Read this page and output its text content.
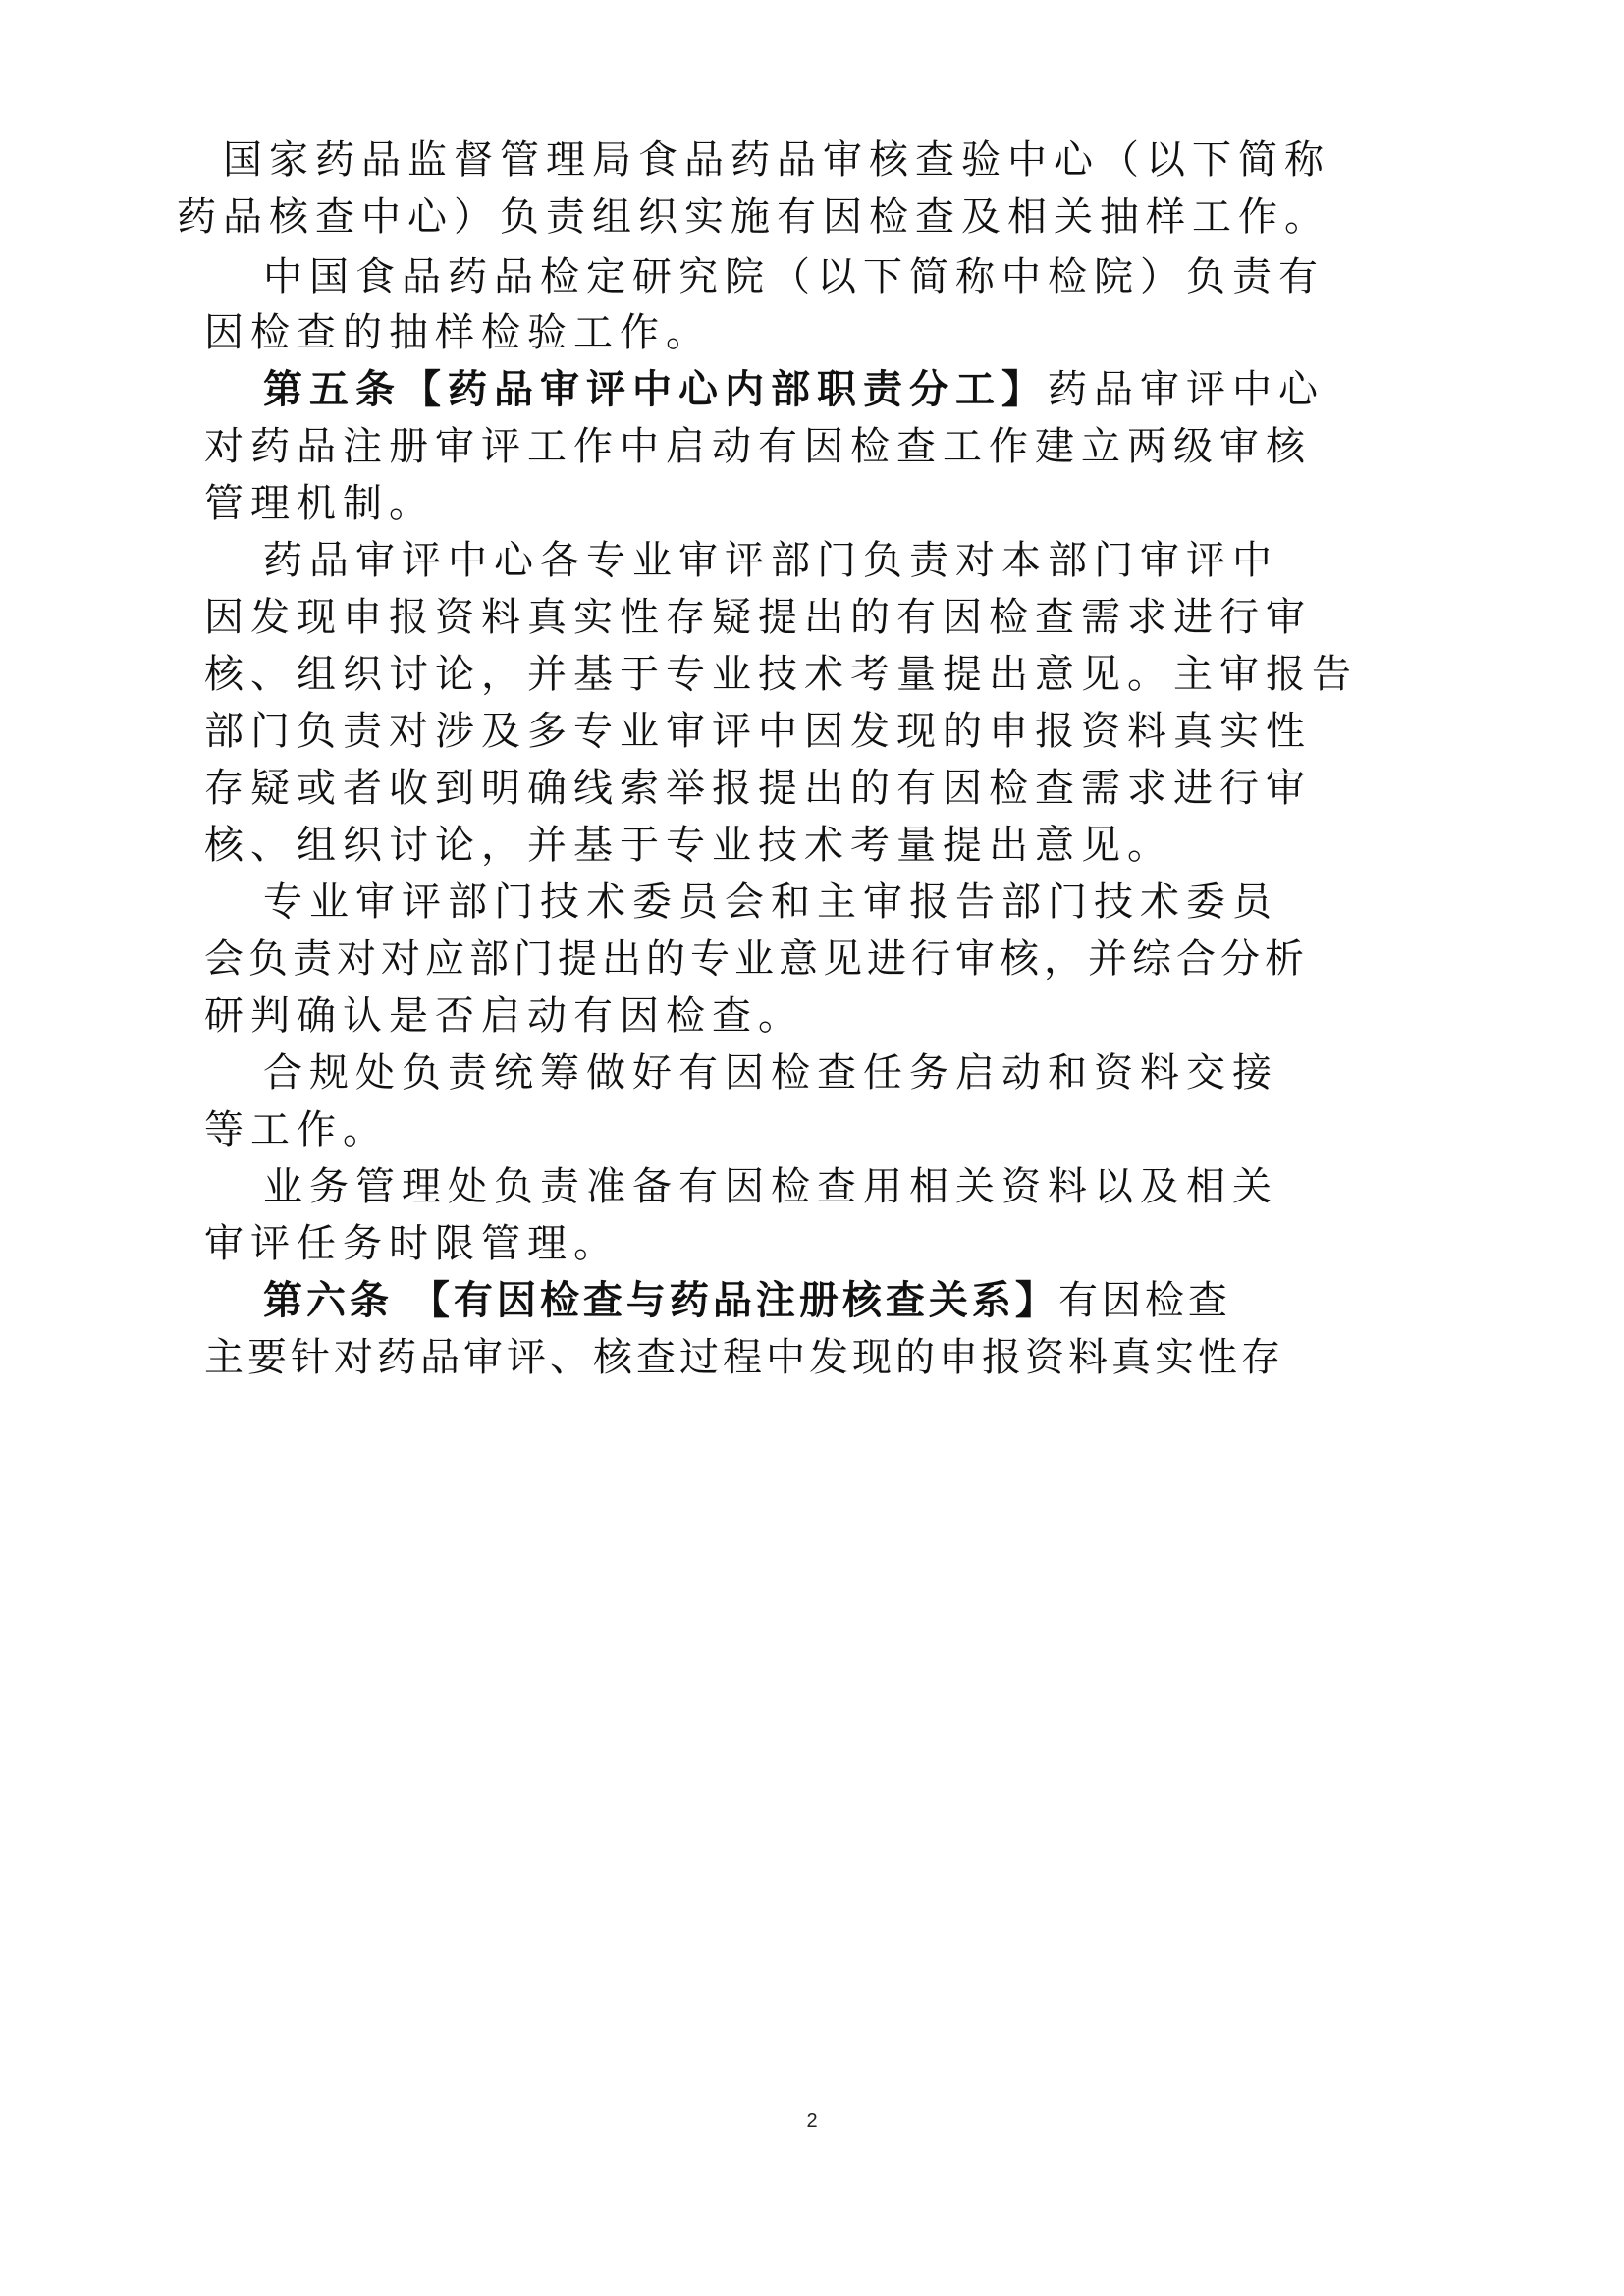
国家药品监督管理局食品药品审核查验中心（以下简称
药品核查中心）负责组织实施有因检查及相关抽样工作。
中国食品药品检定研究院（以下简称中检院）负责有
因检查的抽样检验工作。
第五条【药品审评中心内部职责分工】药品审评中心
对药品注册审评工作中启动有因检查工作建立两级审核
管理机制。
药品审评中心各专业审评部门负责对本部门审评中
因发现申报资料真实性存疑提出的有因检查需求进行审
核、组织讨论，并基于专业技术考量提出意见。主审报告
部门负责对涉及多专业审评中因发现的申报资料真实性
存疑或者收到明确线索举报提出的有因检查需求进行审
核、组织讨论，并基于专业技术考量提出意见。
专业审评部门技术委员会和主审报告部门技术委员
会负责对对应部门提出的专业意见进行审核，并综合分析
研判确认是否启动有因检查。
合规处负责统筹做好有因检查任务启动和资料交接
等工作。
业务管理处负责准备有因检查用相关资料以及相关
审评任务时限管理。
第六条 【有因检查与药品注册核查关系】有因检查
主要针对药品审评、核查过程中发现的申报资料真实性存
2
